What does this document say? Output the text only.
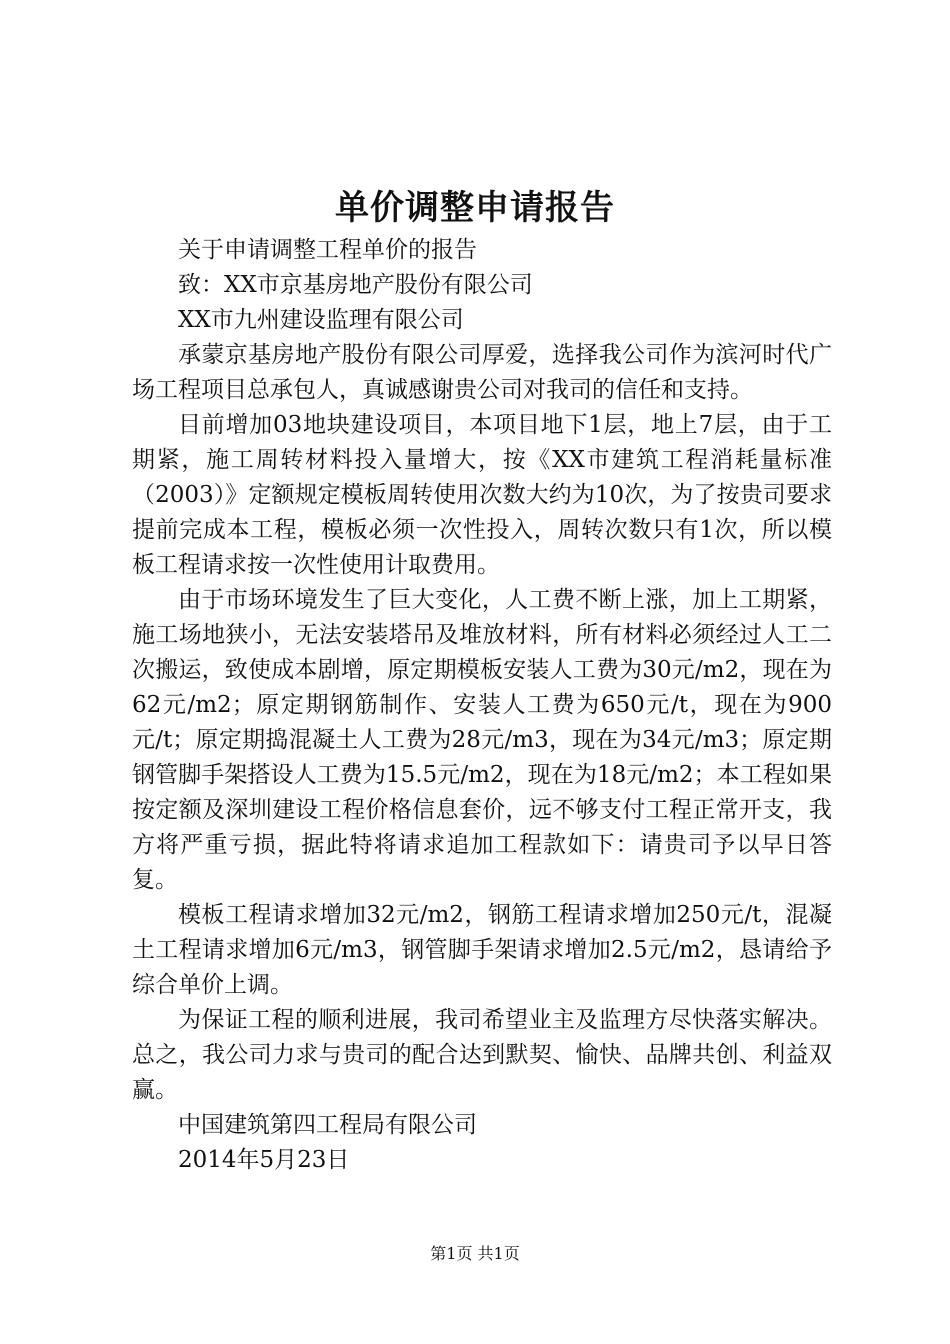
单价调整申请报告

关于申请调整工程单价的报告

致：XX市京基房地产股份有限公司

XX市九州建设监理有限公司

承蒙京基房地产股份有限公司厚爱，选择我公司作为滨河时代广场工程项目总承包人，真诚感谢贵公司对我司的信任和支持。

目前增加03地块建设项目，本项目地下1层，地上7层，由于工期紧，施工周转材料投入量增大，按《XX市建筑工程消耗量标准（2003）》定额规定模板周转使用次数大约为10次，为了按贵司要求提前完成本工程，模板必须一次性投入，周转次数只有1次，所以模板工程请求按一次性使用计取费用。

由于市场环境发生了巨大变化，人工费不断上涨，加上工期紧，施工场地狭小，无法安装塔吊及堆放材料，所有材料必须经过人工二次搬运，致使成本剧增，原定期模板安装人工费为30元/m2，现在为62元/m2；原定期钢筋制作、安装人工费为650元/t，现在为900元/t；原定期捣混凝土人工费为28元/m3，现在为34元/m3；原定期钢管脚手架搭设人工费为15.5元/m2，现在为18元/m2；本工程如果按定额及深圳建设工程价格信息套价，远不够支付工程正常开支，我方将严重亏损，据此特将请求追加工程款如下：请贵司予以早日答复。

模板工程请求增加32元/m2，钢筋工程请求增加250元/t，混凝土工程请求增加6元/m3，钢管脚手架请求增加2.5元/m2，恳请给予综合单价上调。

为保证工程的顺利进展，我司希望业主及监理方尽快落实解决。总之，我公司力求与贵司的配合达到默契、愉快、品牌共创、利益双赢。

中国建筑第四工程局有限公司

2014年5月23日

第1页 共1页
